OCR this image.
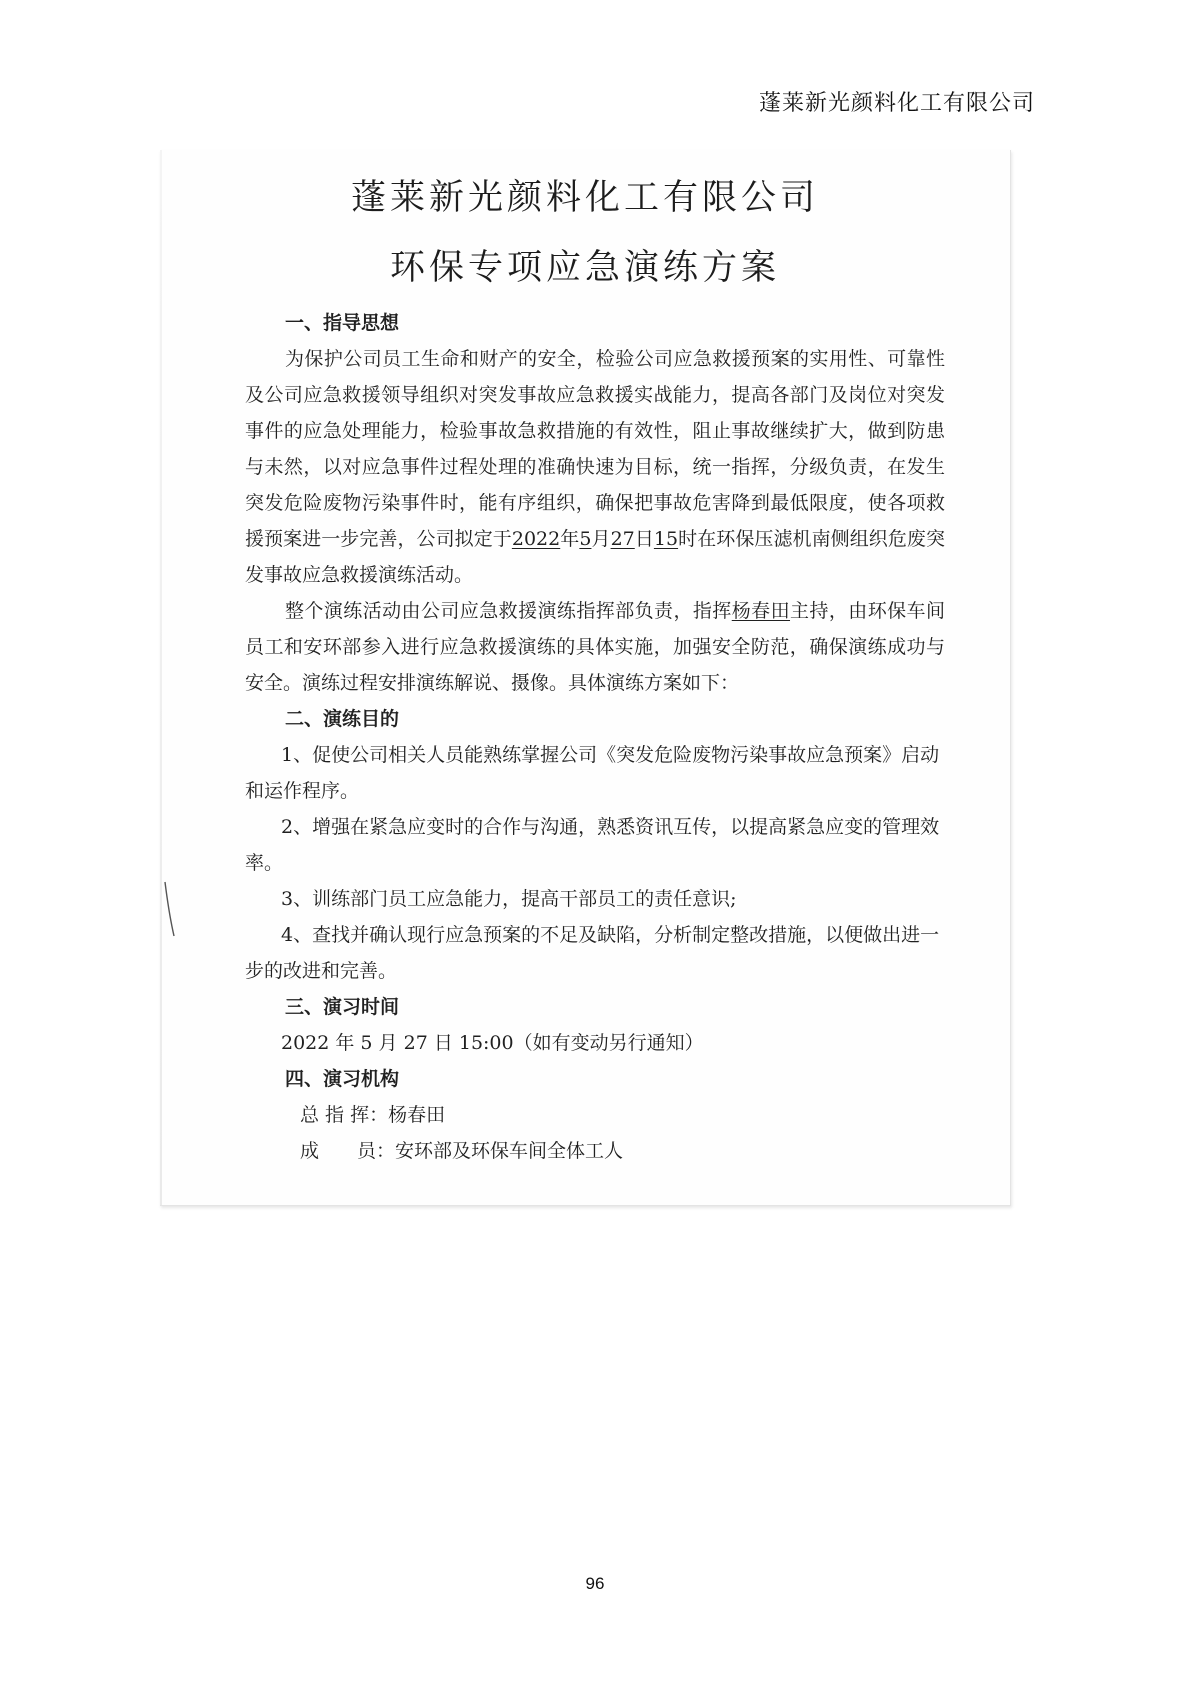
蓬莱新光颜料化工有限公司
蓬莱新光颜料化工有限公司
环保专项应急演练方案
一、指导思想

为保护公司员工生命和财产的安全，检验公司应急救援预案的实用性、可靠性及公司应急救援领导组织对突发事故应急救援实战能力，提高各部门及岗位对突发事件的应急处理能力，检验事故急救措施的有效性，阻止事故继续扩大，做到防患与未然，以对应急事件过程处理的准确快速为目标，统一指挥，分级负责，在发生突发危险废物污染事件时，能有序组织，确保把事故危害降到最低限度，使各项救援预案进一步完善，公司拟定于2022年5月27日15时在环保压滤机南侧组织危废突发事故应急救援演练活动。

整个演练活动由公司应急救援演练指挥部负责，指挥杨春田主持，由环保车间员工和安环部参入进行应急救援演练的具体实施，加强安全防范，确保演练成功与安全。演练过程安排演练解说、摄像。具体演练方案如下：

二、演练目的

1、促使公司相关人员能熟练掌握公司《突发危险废物污染事故应急预案》启动和运作程序。

2、增强在紧急应变时的合作与沟通，熟悉资讯互传，以提高紧急应变的管理效率。

3、训练部门员工应急能力，提高干部员工的责任意识;

4、查找并确认现行应急预案的不足及缺陷，分析制定整改措施，以便做出进一步的改进和完善。

三、演习时间

2022 年 5 月 27 日 15:00（如有变动另行通知）

四、演习机构

总 指 挥：杨春田

成　　员：安环部及环保车间全体工人

96
